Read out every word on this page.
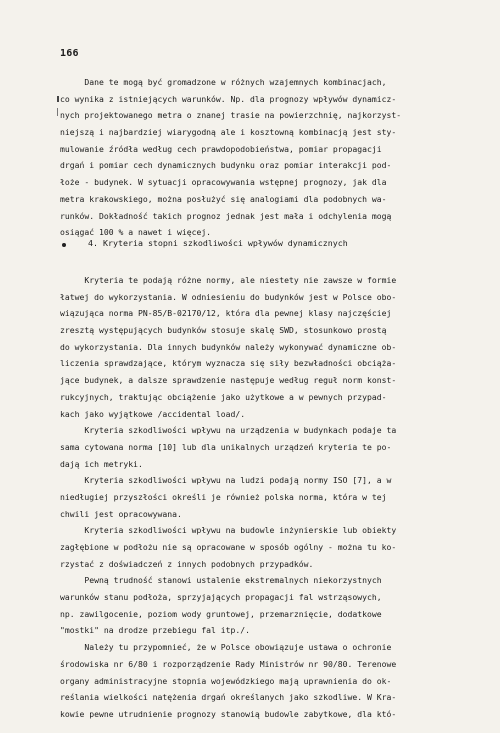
166
Dane te mogą być gromadzone w różnych wzajemnych kombinacjach,
co wynika z istniejących warunków. Np. dla prognozy wpływów dynamicz-
nych projektowanego metra o znanej trasie na powierzchnię, najkorzyst-
niejszą i najbardziej wiarygodną ale i kosztowną kombinacją jest sty-
mulowanie źródła według cech prawdopodobieństwa, pomiar propagacji
drgań i pomiar cech dynamicznych budynku oraz pomiar interakcji pod-
łoże - budynek. W sytuacji opracowywania wstępnej prognozy, jak dla
metra krakowskiego, można posłużyć się analogiami dla podobnych wa-
runków. Dokładność takich prognoz jednak jest mała i odchylenia mogą
osiągać 100 % a nawet i więcej.
4. Kryteria stopni szkodliwości wpływów dynamicznych
Kryteria te podają różne normy, ale niestety nie zawsze w formie
łatwej do wykorzystania. W odniesieniu do budynków jest w Polsce obo-
wiązująca norma PN-85/B-02170/12, która dla pewnej klasy najczęściej
zresztą występujących budynków stosuje skalę SWD, stosunkowo prostą
do wykorzystania. Dla innych budynków należy wykonywać dynamiczne ob-
liczenia sprawdzające, którym wyznacza się siły bezwładności obciąża-
jące budynek, a dalsze sprawdzenie następuje według reguł norm konst-
rukcyjnych, traktując obciążenie jako użytkowe a w pewnych przypad-
kach jako wyjątkowe /accidental load/.
Kryteria szkodliwości wpływu na urządzenia w budynkach podaje ta
sama cytowana norma [10] lub dla unikalnych urządzeń kryteria te po-
dają ich metryki.
Kryteria szkodliwości wpływu na ludzi podają normy ISO [7], a w
niedługiej przyszłości określi je również polska norma, która w tej
chwili jest opracowywana.
Kryteria szkodliwości wpływu na budowle inżynierskie lub obiekty
zagłębione w podłożu nie są opracowane w sposób ogólny - można tu ko-
rzystać z doświadczeń z innych podobnych przypadków.
Pewną trudność stanowi ustalenie ekstremalnych niekorzystnych
warunków stanu podłoża, sprzyjających propagacji fal wstrząsowych,
np. zawilgocenie, poziom wody gruntowej, przemarznięcie, dodatkowe
"mostki" na drodze przebiegu fal itp./.
Należy tu przypomnieć, że w Polsce obowiązuje ustawa o ochronie
środowiska nr 6/80 i rozporządzenie Rady Ministrów nr 90/80. Terenowe
organy administracyjne stopnia wojewódzkiego mają uprawnienia do ok-
reślania wielkości natężenia drgań określanych jako szkodliwe. W Kra-
kowie pewne utrudnienie prognozy stanowią budowle zabytkowe, dla któ-
